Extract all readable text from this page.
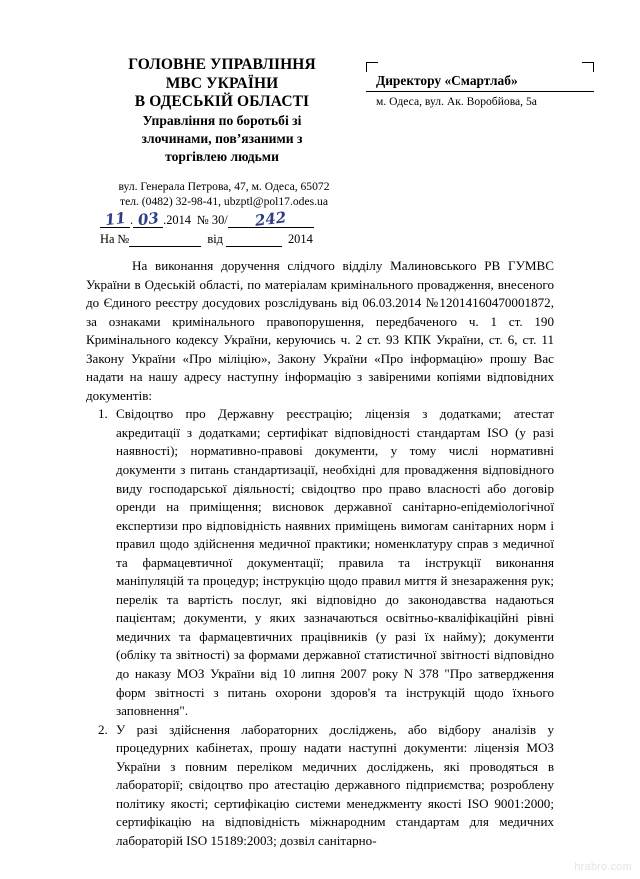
ГОЛОВНЕ УПРАВЛІННЯ
МВС УКРАЇНИ
В ОДЕСЬКІЙ ОБЛАСТІ
Управління по боротьбі зі
злочинами, пов’язаними з
торгівлею людьми
вул. Генерала Петрова, 47, м. Одеса, 65072
тел. (0482) 32-98-41, ubzptl@pol17.odes.ua
11 . 03 . 2014 № 30/ 242
На №	від	2014
Директору «Смартлаб»
м. Одеса, вул. Ак. Воробйова, 5а

На виконання доручення слідчого відділу Малиновського РВ ГУМВС України в Одеській області, по матеріалам кримінального провадження, внесеного до Єдиного реєстру досудових розслідувань від 06.03.2014 №12014160470001872, за ознаками кримінального правопорушення, передбаченого ч. 1 ст. 190 Кримінального кодексу України, керуючись ч. 2 ст. 93 КПК України, ст. 6, ст. 11 Закону України «Про міліцію», Закону України «Про інформацію» прошу Вас надати на нашу адресу наступну інформацію з завіреними копіями відповідних документів:

Свідоцтво про Державну реєстрацію; ліцензія з додатками; атестат акредитації з додатками; сертифікат відповідності стандартам ISO (у разі наявності); нормативно-правові документи, у тому числі нормативні документи з питань стандартизації, необхідні для провадження відповідного виду господарської діяльності; свідоцтво про право власності або договір оренди на приміщення; висновок державної санітарно-епідеміологічної експертизи про відповідність наявних приміщень вимогам санітарних норм і правил щодо здійснення медичної практики; номенклатуру справ з медичної та фармацевтичної документації; правила та інструкції виконання маніпуляцій та процедур; інструкцію щодо правил миття й знезараження рук; перелік та вартість послуг, які відповідно до законодавства надаються пацієнтам; документи, у яких зазначаються освітньо-кваліфікаційні рівні медичних та фармацевтичних працівників (у разі їх найму); документи (обліку та звітності) за формами державної статистичної звітності відповідно до наказу МОЗ України від 10 липня 2007 року N 378 "Про затвердження форм звітності з питань охорони здоров'я та інструкцій щодо їхнього заповнення".
У разі здійснення лабораторних досліджень, або відбору аналізів у процедурних кабінетах, прошу надати наступні документи: ліцензія МОЗ України з повним переліком медичних досліджень, які проводяться в лабораторії; свідоцтво про атестацію державного підприємства; розроблену політику якості; сертифікацію системи менеджменту якості ISO 9001:2000; сертифікацію на відповідність міжнародним стандартам для медичних лабораторій ISO 15189:2003; дозвіл санітарно-
hrabro.com
